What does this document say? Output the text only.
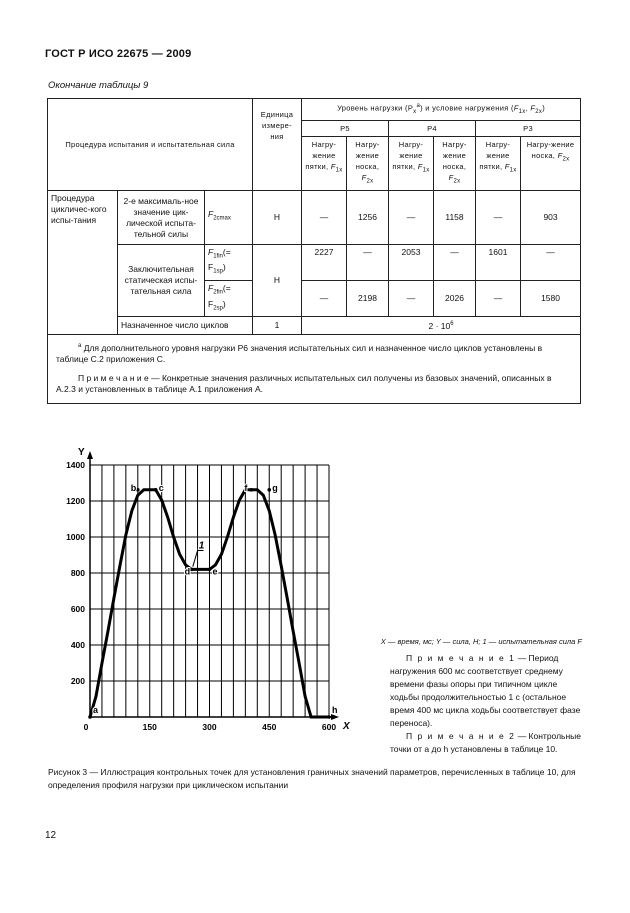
ГОСТ Р ИСО 22675 — 2009
Окончание таблицы 9
Процедура испытания и испытательная сила			Единица измере-ния	Уровень нагрузки $(P_x^a)$ и условие нагружения ($F_{1x}$, $F_{2x}$)					
				P5		P4		P3	
				Нагру-жение пятки, $F_{1x}$	Нагру-жение носка, $F_{2x}$	Нагру-жение пятки, $F_{1x}$	Нагру-жение носка, $F_{2x}$	Нагру-жение пятки, $F_{1x}$	Нагру-жение носка, $F_{2x}$
Процедура цикличес-кого испы-тания	2-е максималь-ное значение цик-лической испыта-тельной силы	$F_{2cmax}$	Н	—	1256	—	1158	—	903
	Заключительная статическая испы-тательная сила	$F_{1fin}(= F_{1sp})$	Н	2227	—	2053	—	1601	—
		$F_{2fin}(= F_{2sp})$		—	2198	—	2026	—	1580
	Назначенное число циклов		1	$2 \cdot 10^6$

$^a$ Для дополнительного уровня нагрузки P6 значения испытательных сил и назначенное число циклов установлены в таблице С.2 приложения С.
П р и м е ч а н и е — Конкретные значения различных испытательных сил получены из базовых значений, описанных в А.2.3 и установленных в таблице А.1 приложения А.									
200
400
600
800
1000
1200
1400
0	150	300	450	600 X
Y
a
b c
d e
f	g
h
1
X — время, мс; Y — сила, Н; 1 — испытательная сила F
П р и м е ч а н и е 1 — Период нагружения 600 мс соответствует среднему времени фазы опоры при типичном цикле ходьбы продолжительностью 1 с (остальное время 400 мс цикла ходьбы соответствует фазе переноса).
П р и м е ч а н и е 2 — Контрольные точки от a до h установлены в таблице 10.
Рисунок 3 — Иллюстрация контрольных точек для установления граничных значений параметров, перечисленных в таблице 10, для определения профиля нагрузки при циклическом испытании
12
